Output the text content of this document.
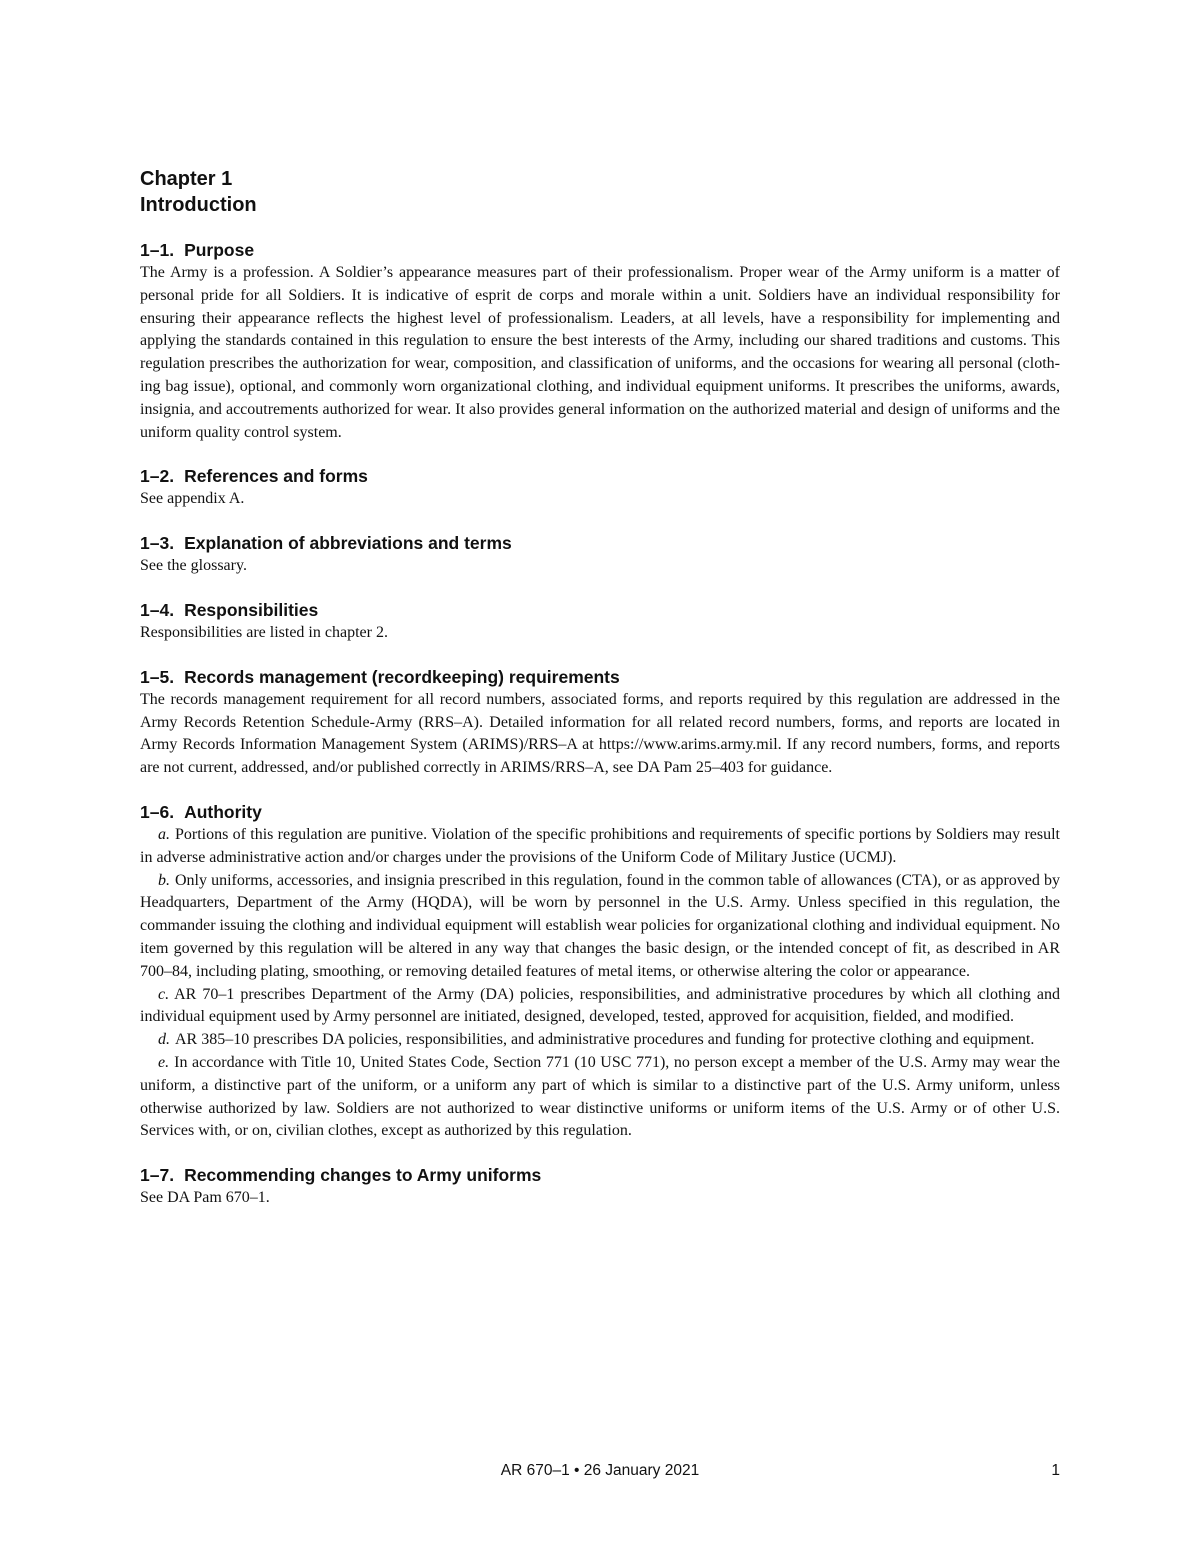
Chapter 1
Introduction
1–1. Purpose

The Army is a profession. A Soldier’s appearance measures part of their professionalism. Proper wear of the Army uniform is a matter of personal pride for all Soldiers. It is indicative of esprit de corps and morale within a unit. Soldiers have an individual responsibility for ensuring their appearance reflects the highest level of professionalism. Leaders, at all levels, have a responsibility for implementing and applying the standards contained in this regulation to ensure the best interests of the Army, including our shared traditions and customs. This regulation prescribes the authorization for wear, composition, and classification of uniforms, and the occasions for wearing all personal (clothing bag issue), optional, and commonly worn organizational clothing, and individual equipment uniforms. It prescribes the uniforms, awards, insignia, and accoutrements authorized for wear. It also provides general information on the authorized material and design of uniforms and the uniform quality control system.

1–2. References and forms

See appendix A.

1–3. Explanation of abbreviations and terms

See the glossary.

1–4. Responsibilities

Responsibilities are listed in chapter 2.

1–5. Records management (recordkeeping) requirements

The records management requirement for all record numbers, associated forms, and reports required by this regulation are addressed in the Army Records Retention Schedule-Army (RRS–A). Detailed information for all related record numbers, forms, and reports are located in Army Records Information Management System (ARIMS)/RRS–A at https://www.arims.army.mil. If any record numbers, forms, and reports are not current, addressed, and/or published correctly in ARIMS/RRS–A, see DA Pam 25–403 for guidance.

1–6. Authority

a. Portions of this regulation are punitive. Violation of the specific prohibitions and requirements of specific portions by Soldiers may result in adverse administrative action and/or charges under the provisions of the Uniform Code of Military Justice (UCMJ).

b. Only uniforms, accessories, and insignia prescribed in this regulation, found in the common table of allowances (CTA), or as approved by Headquarters, Department of the Army (HQDA), will be worn by personnel in the U.S. Army. Unless specified in this regulation, the commander issuing the clothing and individual equipment will establish wear policies for organizational clothing and individual equipment. No item governed by this regulation will be altered in any way that changes the basic design, or the intended concept of fit, as described in AR 700–84, including plating, smoothing, or removing detailed features of metal items, or otherwise altering the color or appearance.

c. AR 70–1 prescribes Department of the Army (DA) policies, responsibilities, and administrative procedures by which all clothing and individual equipment used by Army personnel are initiated, designed, developed, tested, approved for acquisition, fielded, and modified.

d. AR 385–10 prescribes DA policies, responsibilities, and administrative procedures and funding for protective clothing and equipment.

e. In accordance with Title 10, United States Code, Section 771 (10 USC 771), no person except a member of the U.S. Army may wear the uniform, a distinctive part of the uniform, or a uniform any part of which is similar to a distinctive part of the U.S. Army uniform, unless otherwise authorized by law. Soldiers are not authorized to wear distinctive uniforms or uniform items of the U.S. Army or of other U.S. Services with, or on, civilian clothes, except as authorized by this regulation.

1–7. Recommending changes to Army uniforms

See DA Pam 670–1.

AR 670–1 • 26 January 2021	1
